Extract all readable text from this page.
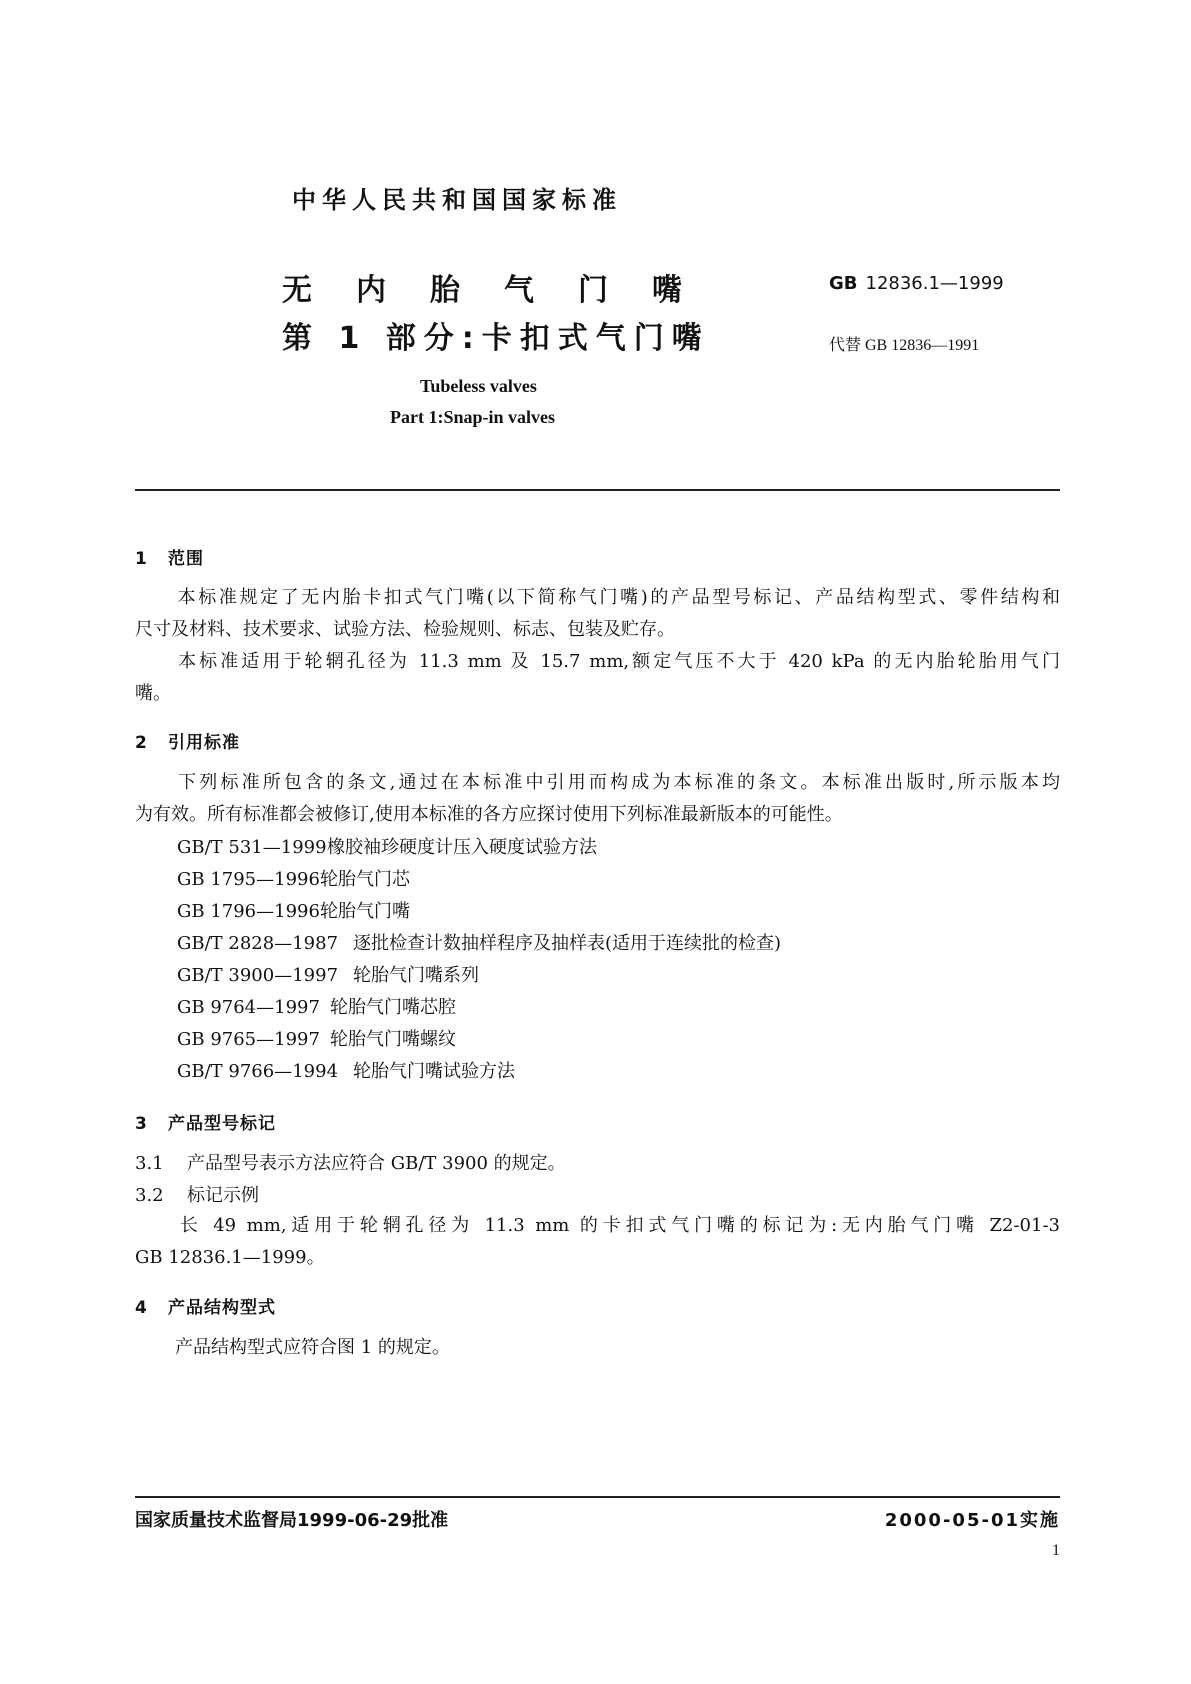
中华人民共和国国家标准
无 内 胎 气 门 嘴
第 1 部分:卡扣式气门嘴
GB 12836.1—1999
代替 GB 12836—1991
Tubeless valves
Part 1:Snap-in valves
1 范围
本标准规定了无内胎卡扣式气门嘴(以下简称气门嘴)的产品型号标记、产品结构型式、零件结构和
尺寸及材料、技术要求、试验方法、检验规则、标志、包装及贮存。
本标准适用于轮辋孔径为 11.3 mm 及 15.7 mm,额定气压不大于 420 kPa 的无内胎轮胎用气门
嘴。
2 引用标准
下列标准所包含的条文,通过在本标准中引用而构成为本标准的条文。本标准出版时,所示版本均
为有效。所有标准都会被修订,使用本标准的各方应探讨使用下列标准最新版本的可能性。
GB/T 531—1999橡胶袖珍硬度计压入硬度试验方法
GB 1795—1996轮胎气门芯
GB 1796—1996轮胎气门嘴
GB/T 2828—1987 逐批检查计数抽样程序及抽样表(适用于连续批的检查)
GB/T 3900—1997 轮胎气门嘴系列
GB 9764—1997 轮胎气门嘴芯腔
GB 9765—1997 轮胎气门嘴螺纹
GB/T 9766—1994 轮胎气门嘴试验方法
3 产品型号标记
3.1 产品型号表示方法应符合 GB/T 3900 的规定。
3.2 标记示例
长 49 mm,适用于轮辋孔径为 11.3 mm 的卡扣式气门嘴的标记为:无内胎气门嘴 Z2-01-3
GB 12836.1—1999。
4 产品结构型式
产品结构型式应符合图 1 的规定。
国家质量技术监督局1999-06-29批准	2000-05-01实施
1
